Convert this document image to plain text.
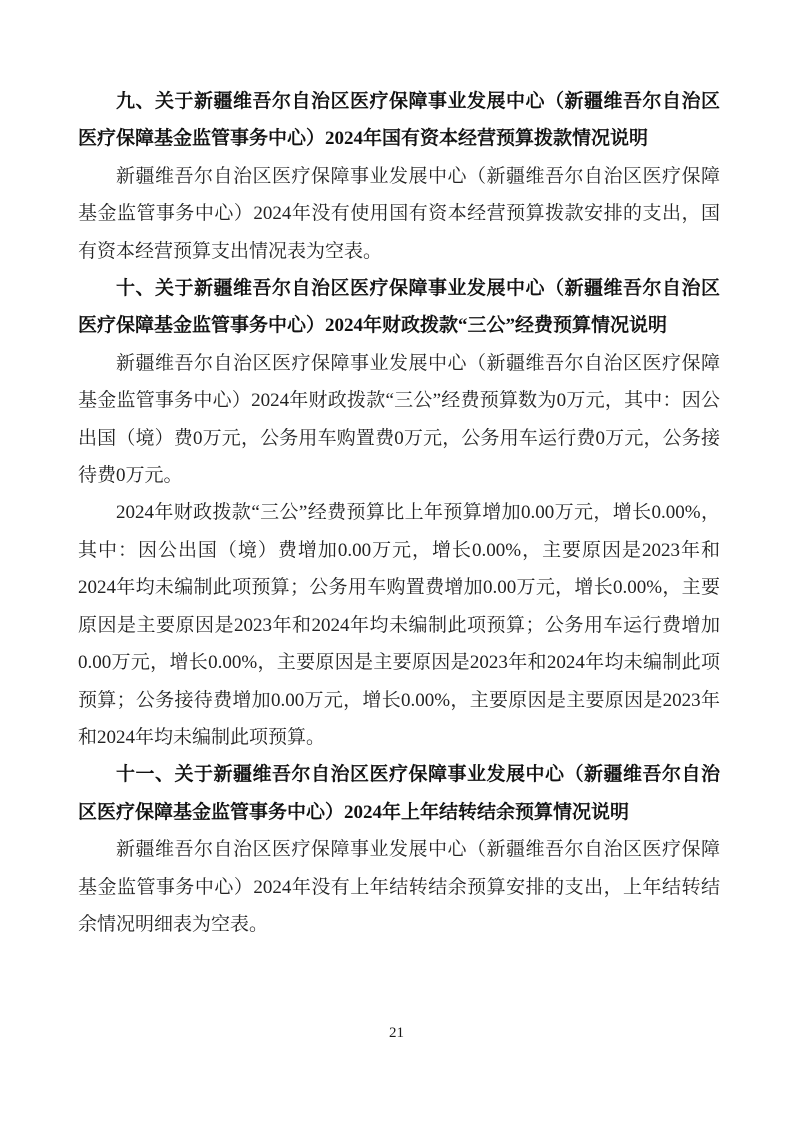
九、关于新疆维吾尔自治区医疗保障事业发展中心（新疆维吾尔自治区医疗保障基金监管事务中心）2024年国有资本经营预算拨款情况说明

新疆维吾尔自治区医疗保障事业发展中心（新疆维吾尔自治区医疗保障基金监管事务中心）2024年没有使用国有资本经营预算拨款安排的支出，国有资本经营预算支出情况表为空表。

十、关于新疆维吾尔自治区医疗保障事业发展中心（新疆维吾尔自治区医疗保障基金监管事务中心）2024年财政拨款“三公”经费预算情况说明

新疆维吾尔自治区医疗保障事业发展中心（新疆维吾尔自治区医疗保障基金监管事务中心）2024年财政拨款“三公”经费预算数为0万元，其中：因公出国（境）费0万元，公务用车购置费0万元，公务用车运行费0万元，公务接待费0万元。

2024年财政拨款“三公”经费预算比上年预算增加0.00万元，增长0.00%，其中：因公出国（境）费增加0.00万元，增长0.00%，主要原因是2023年和2024年均未编制此项预算；公务用车购置费增加0.00万元，增长0.00%，主要原因是主要原因是2023年和2024年均未编制此项预算；公务用车运行费增加0.00万元，增长0.00%，主要原因是主要原因是2023年和2024年均未编制此项预算；公务接待费增加0.00万元，增长0.00%，主要原因是主要原因是2023年和2024年均未编制此项预算。

十一、关于新疆维吾尔自治区医疗保障事业发展中心（新疆维吾尔自治区医疗保障基金监管事务中心）2024年上年结转结余预算情况说明

新疆维吾尔自治区医疗保障事业发展中心（新疆维吾尔自治区医疗保障基金监管事务中心）2024年没有上年结转结余预算安排的支出，上年结转结余情况明细表为空表。

21
